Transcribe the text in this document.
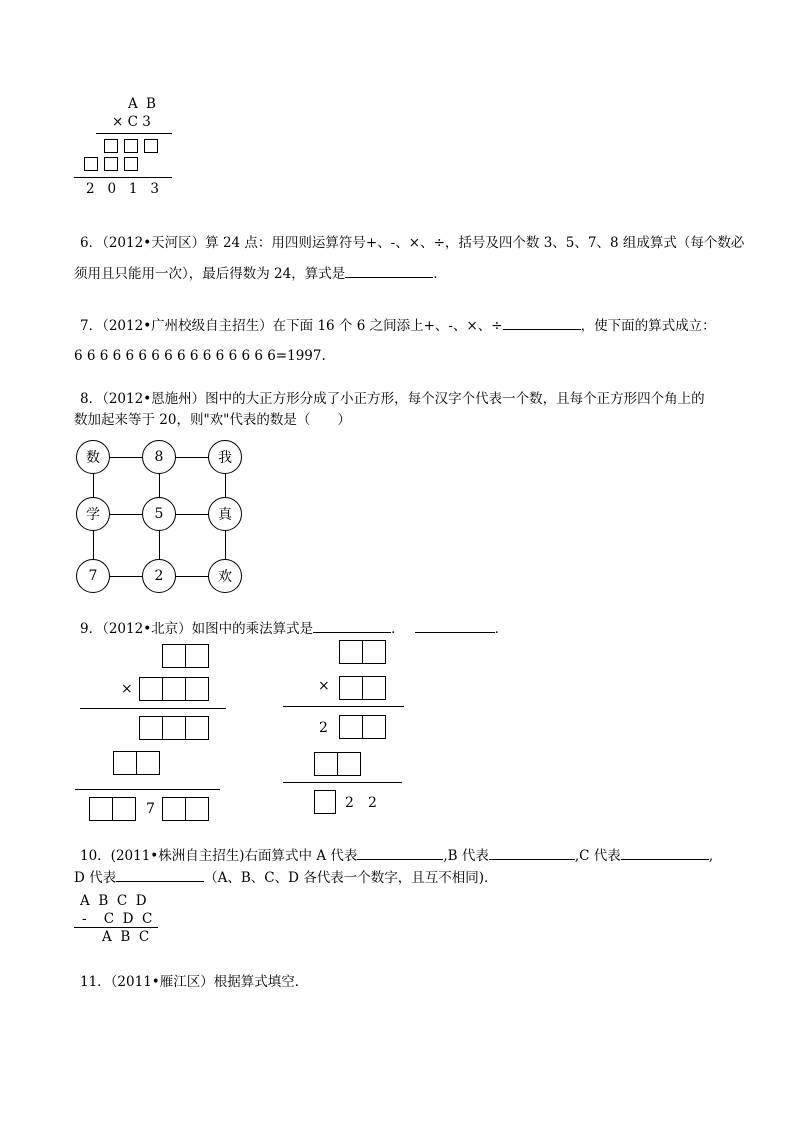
A B
× C 3
2   0   1   3
6．（2012•天河区）算 24 点：用四则运算符号+、-、×、÷，括号及四个数 3、5、7、8 组成算式（每个数必
须用且只能用一次），最后得数为 24，算式是	．
7．（2012•广州校级自主招生）在下面 16 个 6 之间添上+、-、×、÷	，使下面的算式成立：
6 6 6 6 6 6 6 6 6 6 6 6 6 6 6 6=1997.
8．（2012•恩施州）图中的大正方形分成了小正方形，每个汉字个代表一个数，且每个正方形四个角上的
数加起来等于 20，则"欢"代表的数是（　　）
数	8	我
学	5	真
7	2	欢
9．（2012•北京）如图中的乘法算式是	．	．
×
7
×
2
2 2
10．(2011•株洲自主招生)右面算式中 A 代表	,B 代表	,C 代表	,
D 代表	（A、B、C、D 各代表一个数字，且互不相同)．
A  B  C  D
-    C  D  C
A  B  C
11．（2011•雁江区）根据算式填空．
